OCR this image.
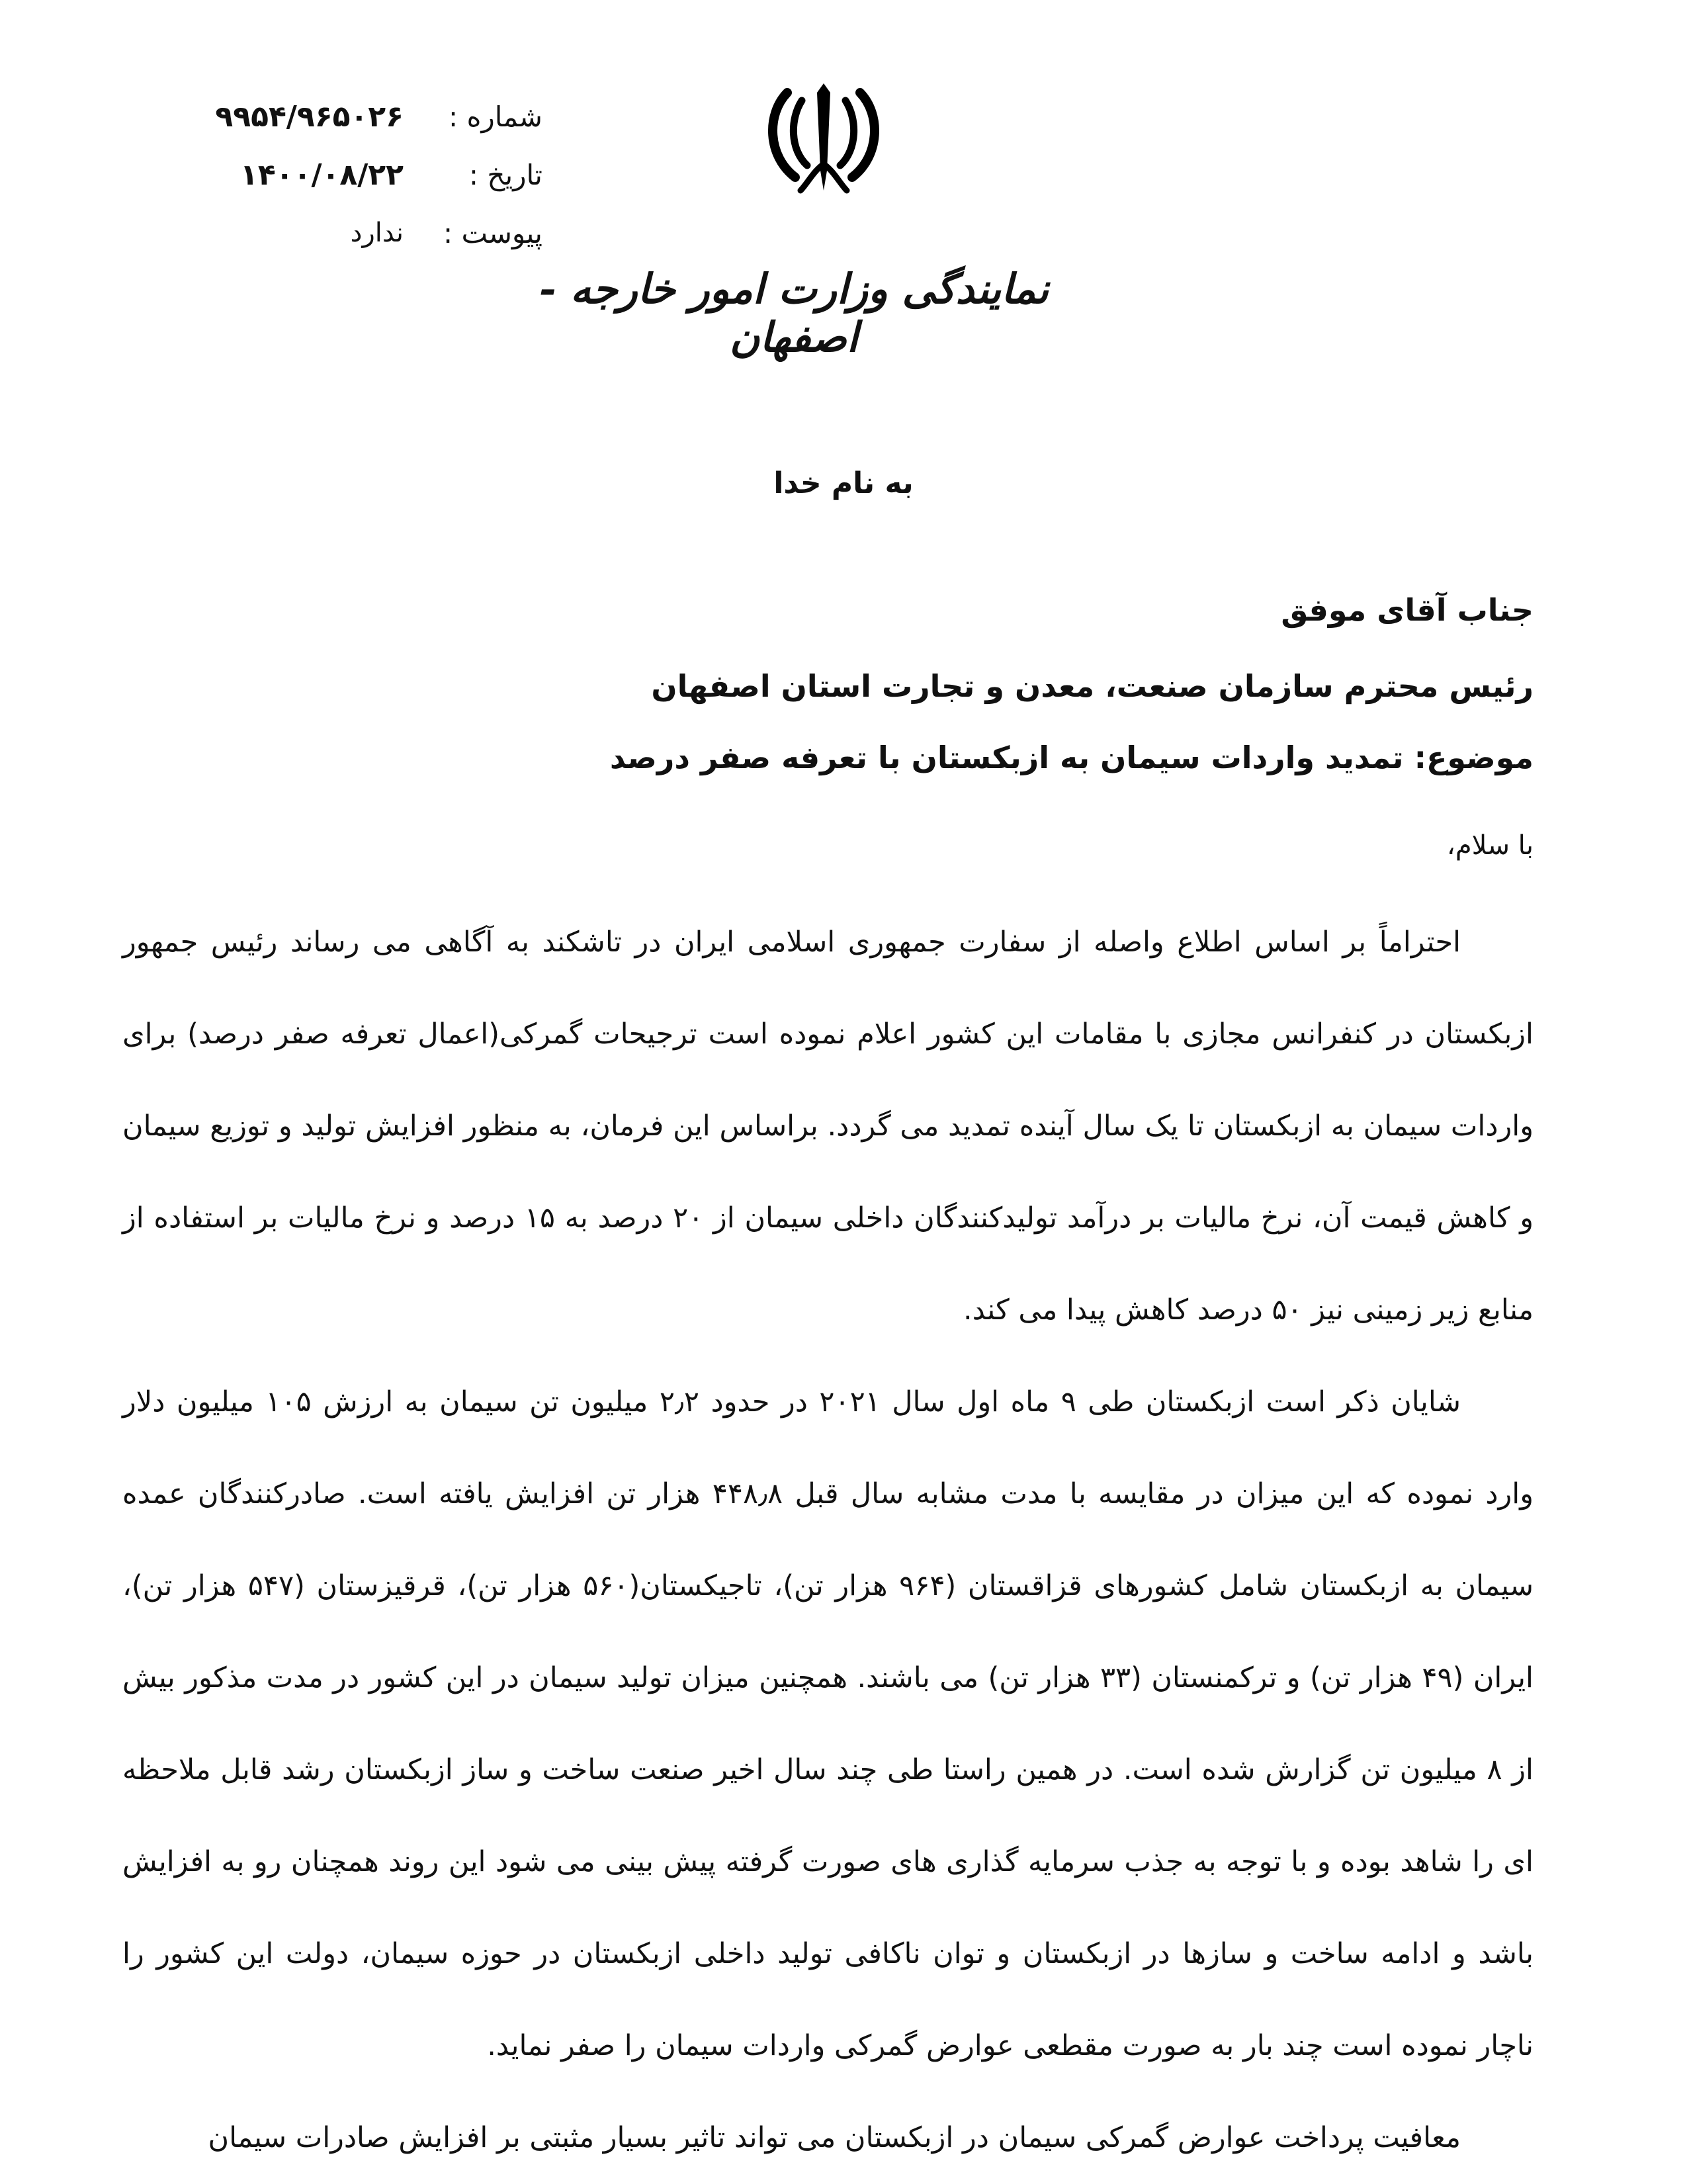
شماره :
۹۹۵۴/۹۶۵۰۲۶
تاریخ :
۱۴۰۰/۰۸/۲۲
پیوست :
ندارد
نمایندگی وزارت امور خارجه - اصفهان
به نام خدا
جناب آقای موفق
رئیس محترم سازمان صنعت، معدن و تجارت استان اصفهان
موضوع: تمدید واردات سیمان به ازبکستان با تعرفه صفر درصد
با سلام،

احتراماً بر اساس اطلاع واصله از سفارت جمهوری اسلامی ایران در تاشکند به آگاهی می رساند رئیس جمهور ازبکستان در کنفرانس مجازی با مقامات این کشور اعلام نموده است ترجیحات گمرکی(اعمال تعرفه صفر درصد) برای واردات سیمان به ازبکستان تا یک سال آینده تمدید می گردد. براساس این فرمان، به منظور افزایش تولید و توزیع سیمان و کاهش قیمت آن، نرخ مالیات بر درآمد تولیدکنندگان داخلی سیمان از ۲۰ درصد به ۱۵ درصد و نرخ مالیات بر استفاده از منابع زیر زمینی نیز ۵۰ درصد کاهش پیدا می کند.

شایان ذکر است ازبکستان طی ۹ ماه اول سال ۲۰۲۱ در حدود ۲٫۲ میلیون تن سیمان به ارزش ۱۰۵ میلیون دلار وارد نموده که این میزان در مقایسه با مدت مشابه سال قبل ۴۴۸٫۸ هزار تن افزایش یافته است. صادرکنندگان عمده سیمان به ازبکستان شامل کشورهای قزاقستان (۹۶۴ هزار تن)، تاجیکستان(۵۶۰ هزار تن)، قرقیزستان (۵۴۷ هزار تن)، ایران (۴۹ هزار تن) و ترکمنستان (۳۳ هزار تن) می باشند. همچنین میزان تولید سیمان در این کشور در مدت مذکور بیش از ۸ میلیون تن گزارش شده است. در همین راستا طی چند سال اخیر صنعت ساخت و ساز ازبکستان رشد قابل ملاحظه ای را شاهد بوده و با توجه به جذب سرمایه گذاری های صورت گرفته پیش بینی می شود این روند همچنان رو به افزایش باشد و ادامه ساخت و سازها در ازبکستان و توان ناکافی تولید داخلی ازبکستان در حوزه سیمان، دولت این کشور را ناچار نموده است چند بار به صورت مقطعی عوارض گمرکی واردات سیمان را صفر نماید.

معافیت پرداخت عوارض گمرکی سیمان در ازبکستان می تواند تاثیر بسیار مثبتی بر افزایش صادرات سیمان
